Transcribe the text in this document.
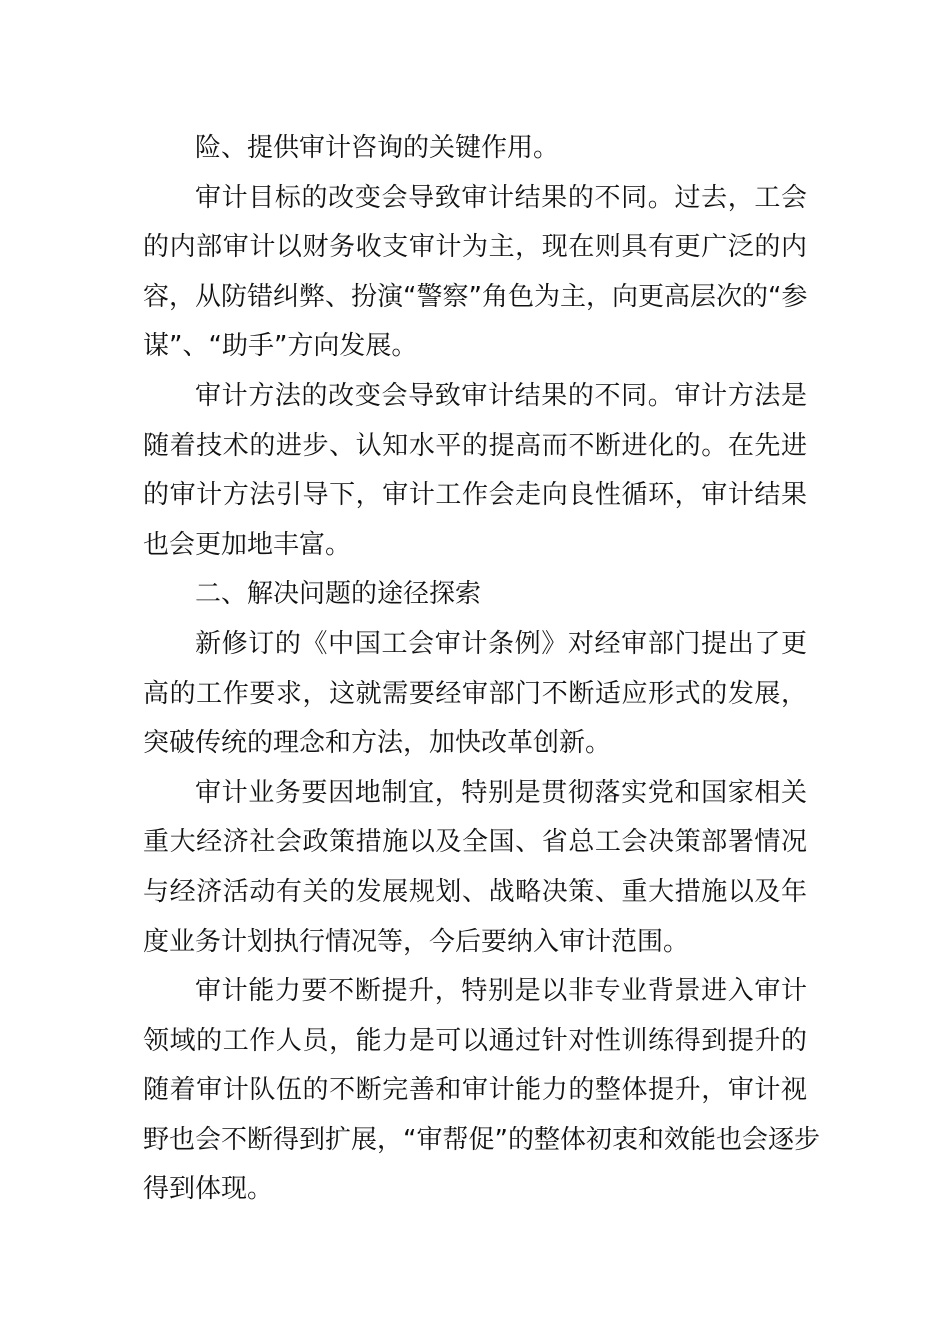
险、提供审计咨询的关键作用。

审计目标的改变会导致审计结果的不同。过去，工会
的内部审计以财务收支审计为主，现在则具有更广泛的内
容，从防错纠弊、扮演“警察”角色为主，向更高层次的“参
谋”、“助手”方向发展。

审计方法的改变会导致审计结果的不同。审计方法是
随着技术的进步、认知水平的提高而不断进化的。在先进
的审计方法引导下，审计工作会走向良性循环，审计结果
也会更加地丰富。

二、解决问题的途径探索

新修订的《中国工会审计条例》对经审部门提出了更
高的工作要求，这就需要经审部门不断适应形式的发展，
突破传统的理念和方法，加快改革创新。

审计业务要因地制宜，特别是贯彻落实党和国家相关
重大经济社会政策措施以及全国、省总工会决策部署情况
与经济活动有关的发展规划、战略决策、重大措施以及年
度业务计划执行情况等，今后要纳入审计范围。

审计能力要不断提升，特别是以非专业背景进入审计
领域的工作人员，能力是可以通过针对性训练得到提升的
随着审计队伍的不断完善和审计能力的整体提升，审计视
野也会不断得到扩展，“审帮促”的整体初衷和效能也会逐步
得到体现。
